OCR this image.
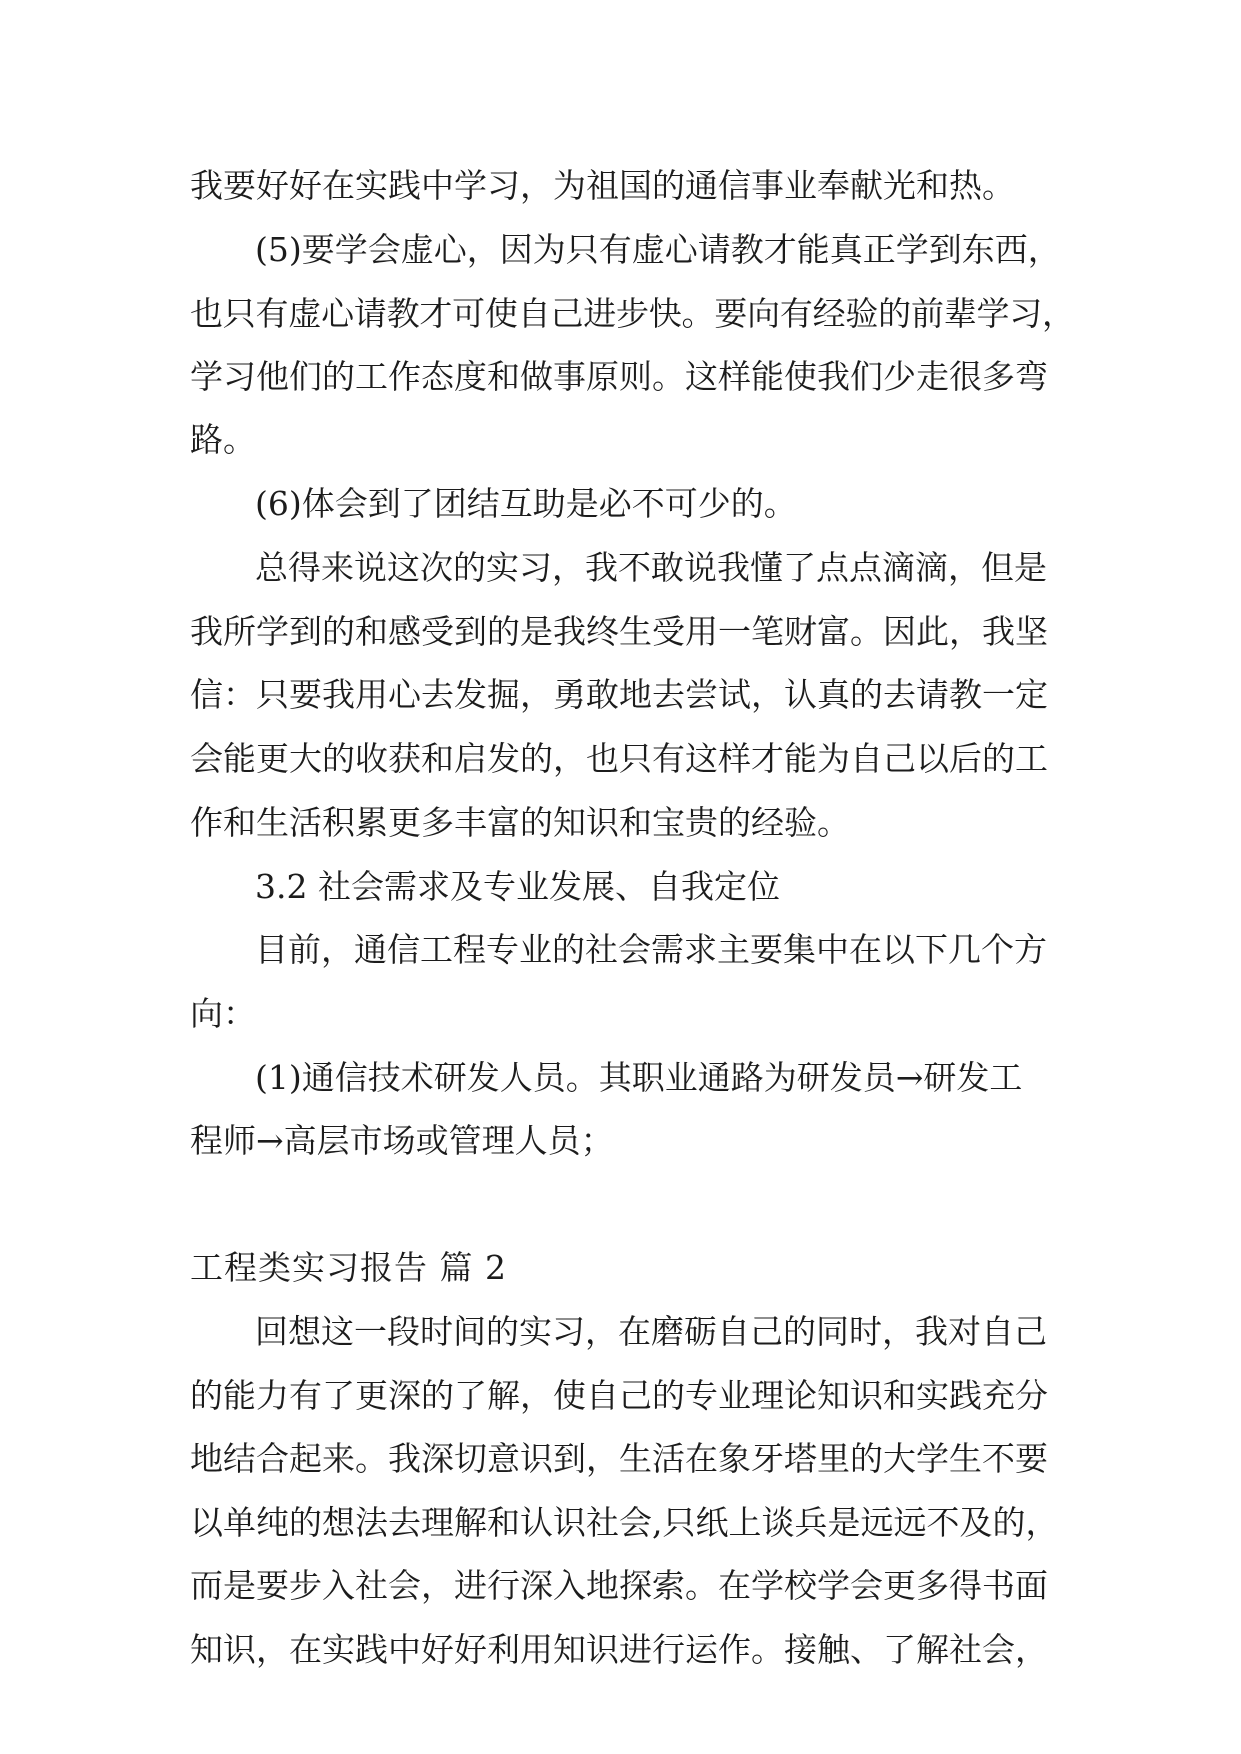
我要好好在实践中学习，为祖国的通信事业奉献光和热。

(5)要学会虚心，因为只有虚心请教才能真正学到东西，

也只有虚心请教才可使自己进步快。要向有经验的前辈学习，

学习他们的工作态度和做事原则。这样能使我们少走很多弯

路。

(6)体会到了团结互助是必不可少的。

总得来说这次的实习，我不敢说我懂了点点滴滴，但是

我所学到的和感受到的是我终生受用一笔财富。因此，我坚

信：只要我用心去发掘，勇敢地去尝试，认真的去请教一定

会能更大的收获和启发的，也只有这样才能为自己以后的工

作和生活积累更多丰富的知识和宝贵的经验。

3.2 社会需求及专业发展、自我定位

目前，通信工程专业的社会需求主要集中在以下几个方

向：

(1)通信技术研发人员。其职业通路为研发员→研发工

程师→高层市场或管理人员；

工程类实习报告 篇 2

回想这一段时间的实习，在磨砺自己的同时，我对自己

的能力有了更深的了解，使自己的专业理论知识和实践充分

地结合起来。我深切意识到，生活在象牙塔里的大学生不要

以单纯的想法去理解和认识社会,只纸上谈兵是远远不及的，

而是要步入社会，进行深入地探索。在学校学会更多得书面

知识，在实践中好好利用知识进行运作。接触、了解社会，
